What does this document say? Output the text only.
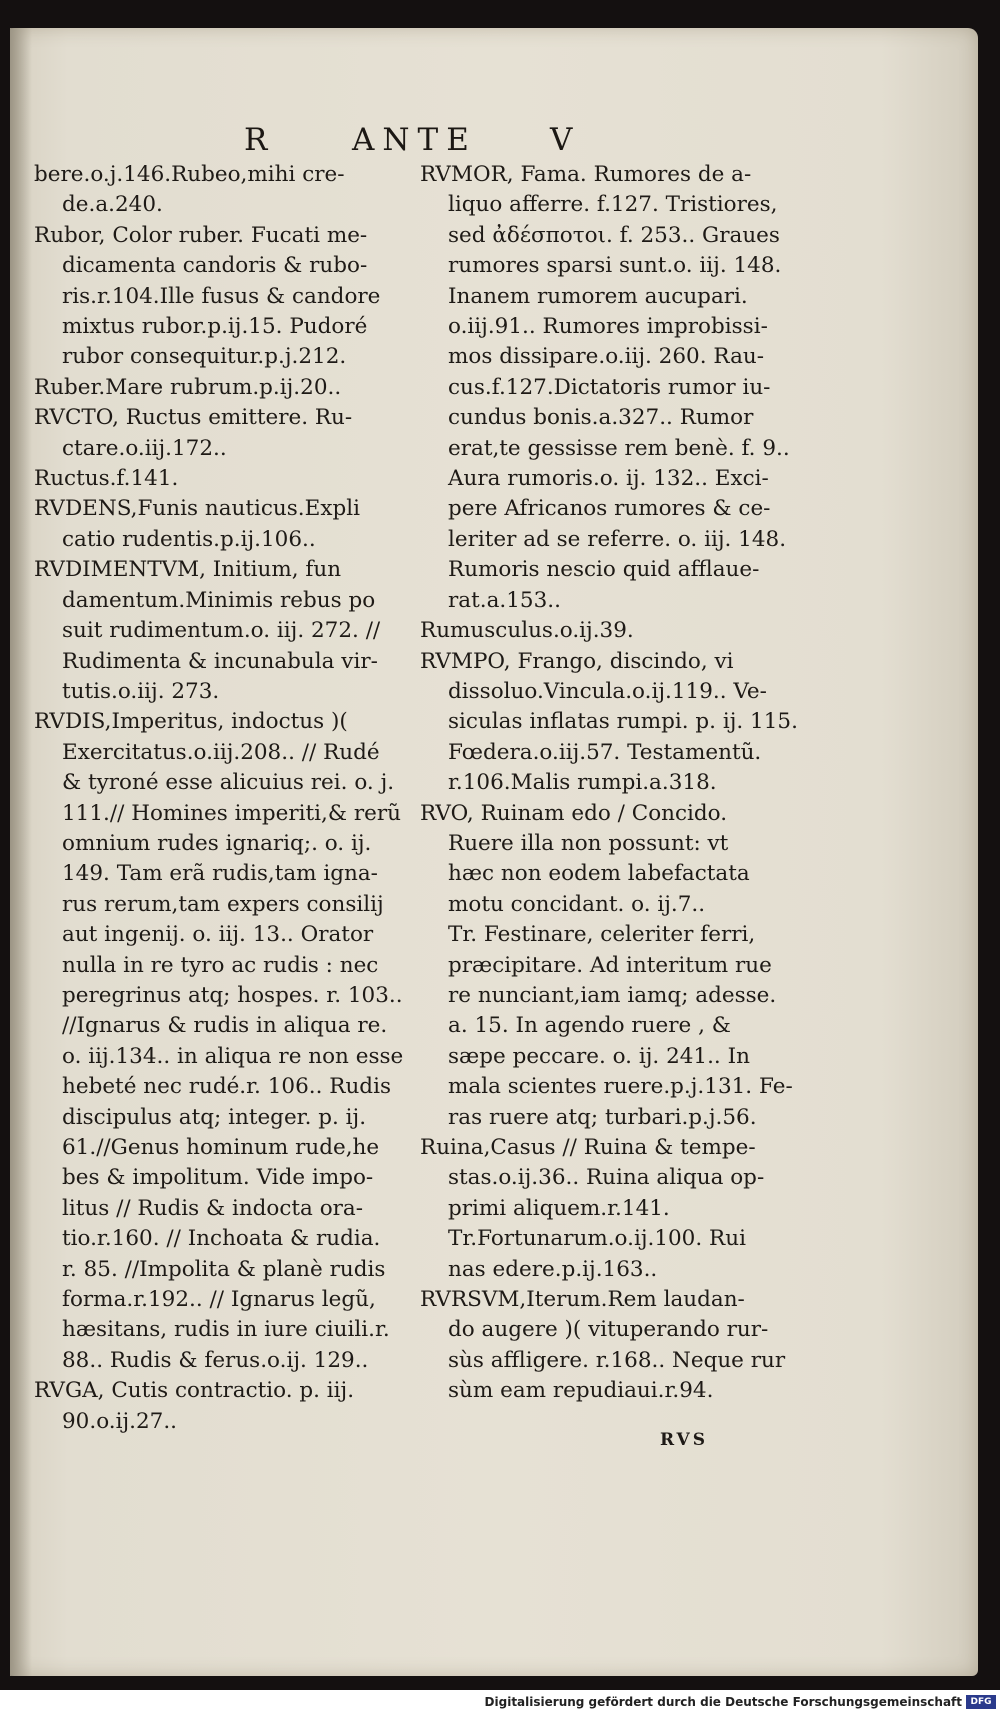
R	ANTE V
bere.o.j.146.Rubeo,mihi cre-
de.a.240.
Rubor, Color ruber. Fucati me-
dicamenta candoris & rubo-
ris.r.104.Ille fusus & candore
mixtus rubor.p.ij.15. Pudoré
rubor consequitur.p.j.212.
Ruber.Mare rubrum.p.ij.20..
RVCTO, Ructus emittere. Ru-
ctare.o.iij.172..
Ructus.f.141.
RVDENS,Funis nauticus.Expli
catio rudentis.p.ij.106..
RVDIMENTVM, Initium, fun
damentum.Minimis rebus po
suit rudimentum.o. iij. 272. //
Rudimenta & incunabula vir-
tutis.o.iij. 273.
RVDIS,Imperitus, indoctus )(
Exercitatus.o.iij.208.. // Rudé
& tyroné esse alicuius rei. o. j.
111.// Homines imperiti,& rerũ
omnium rudes ignariq;. o. ij.
149. Tam erã rudis,tam igna-
rus rerum,tam expers consilij
aut ingenij. o. iij. 13.. Orator
nulla in re tyro ac rudis : nec
peregrinus atq; hospes. r. 103..
//Ignarus & rudis in aliqua re.
o. iij.134.. in aliqua re non esse
hebeté nec rudé.r. 106.. Rudis
discipulus atq; integer. p. ij.
61.//Genus hominum rude,he
bes & impolitum. Vide impo-
litus // Rudis & indocta ora-
tio.r.160. // Inchoata & rudia.
r. 85. //Impolita & planè rudis
forma.r.192.. // Ignarus legũ,
hæsitans, rudis in iure ciuili.r.
88.. Rudis & ferus.o.ij. 129..
RVGA, Cutis contractio. p. iij.
90.o.ij.27..
RVMOR, Fama. Rumores de a-
liquo afferre. f.127. Tristiores,
sed ἀδέσποτοι. f. 253.. Graues
rumores sparsi sunt.o. iij. 148.
Inanem rumorem aucupari.
o.iij.91.. Rumores improbissi-
mos dissipare.o.iij. 260. Rau-
cus.f.127.Dictatoris rumor iu-
cundus bonis.a.327.. Rumor
erat,te gessisse rem benè. f. 9..
Aura rumoris.o. ij. 132.. Exci-
pere Africanos rumores & ce-
leriter ad se referre. o. iij. 148.
Rumoris nescio quid afflaue-
rat.a.153..
Rumusculus.o.ij.39.
RVMPO, Frango, discindo, vi
dissoluo.Vincula.o.ij.119.. Ve-
siculas inflatas rumpi. p. ij. 115.
Fœdera.o.iij.57. Testamentũ.
r.106.Malis rumpi.a.318.
RVO, Ruinam edo / Concido.
Ruere illa non possunt: vt
hæc non eodem labefactata
motu concidant. o. ij.7..
Tr. Festinare, celeriter ferri,
præcipitare. Ad interitum rue
re nunciant,iam iamq; adesse.
a. 15. In agendo ruere , &
sæpe peccare. o. ij. 241.. In
mala scientes ruere.p.j.131. Fe-
ras ruere atq; turbari.p.j.56.
Ruina,Casus // Ruina & tempe-
stas.o.ij.36.. Ruina aliqua op-
primi aliquem.r.141.
Tr.Fortunarum.o.ij.100. Rui
nas edere.p.ij.163..
RVRSVM,Iterum.Rem laudan-
do augere )( vituperando rur-
sùs affligere. r.168.. Neque rur
sùm eam repudiaui.r.94.
RVS
Digitalisierung gefördert durch die Deutsche Forschungsgemeinschaft DFG
